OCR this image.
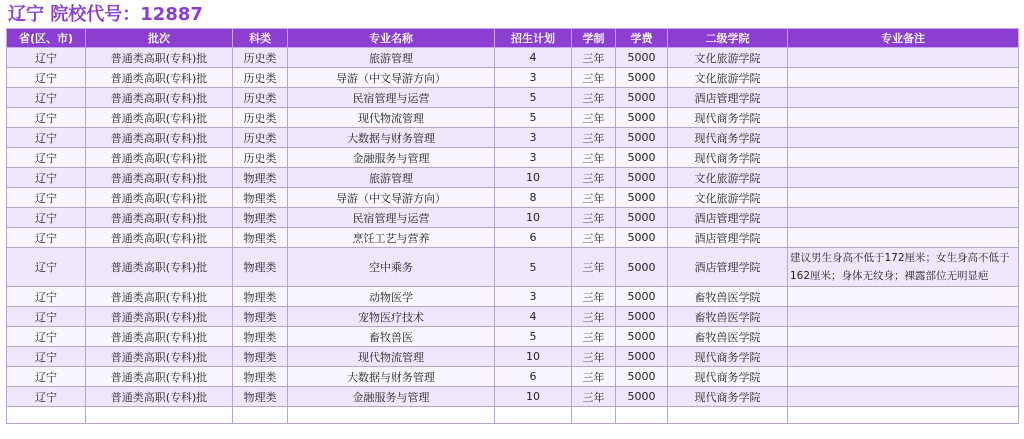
辽宁 院校代号：12887
省(区、市)	批次	科类	专业名称	招生计划	学制	学费	二级学院	专业备注
辽宁	普通类高职(专科)批	历史类	旅游管理	4	三年	5000	文化旅游学院	
辽宁	普通类高职(专科)批	历史类	导游（中文导游方向）	3	三年	5000	文化旅游学院	
辽宁	普通类高职(专科)批	历史类	民宿管理与运营	5	三年	5000	酒店管理学院	
辽宁	普通类高职(专科)批	历史类	现代物流管理	5	三年	5000	现代商务学院	
辽宁	普通类高职(专科)批	历史类	大数据与财务管理	3	三年	5000	现代商务学院	
辽宁	普通类高职(专科)批	历史类	金融服务与管理	3	三年	5000	现代商务学院	
辽宁	普通类高职(专科)批	物理类	旅游管理	10	三年	5000	文化旅游学院	
辽宁	普通类高职(专科)批	物理类	导游（中文导游方向）	8	三年	5000	文化旅游学院	
辽宁	普通类高职(专科)批	物理类	民宿管理与运营	10	三年	5000	酒店管理学院	
辽宁	普通类高职(专科)批	物理类	烹饪工艺与营养	6	三年	5000	酒店管理学院	
辽宁	普通类高职(专科)批	物理类	空中乘务	5	三年	5000	酒店管理学院	建议男生身高不低于172厘米；女生身高不低于162厘米；身体无纹身；裸露部位无明显疤
辽宁	普通类高职(专科)批	物理类	动物医学	3	三年	5000	畜牧兽医学院	
辽宁	普通类高职(专科)批	物理类	宠物医疗技术	4	三年	5000	畜牧兽医学院	
辽宁	普通类高职(专科)批	物理类	畜牧兽医	5	三年	5000	畜牧兽医学院	
辽宁	普通类高职(专科)批	物理类	现代物流管理	10	三年	5000	现代商务学院	
辽宁	普通类高职(专科)批	物理类	大数据与财务管理	6	三年	5000	现代商务学院	
辽宁	普通类高职(专科)批	物理类	金融服务与管理	10	三年	5000	现代商务学院	
